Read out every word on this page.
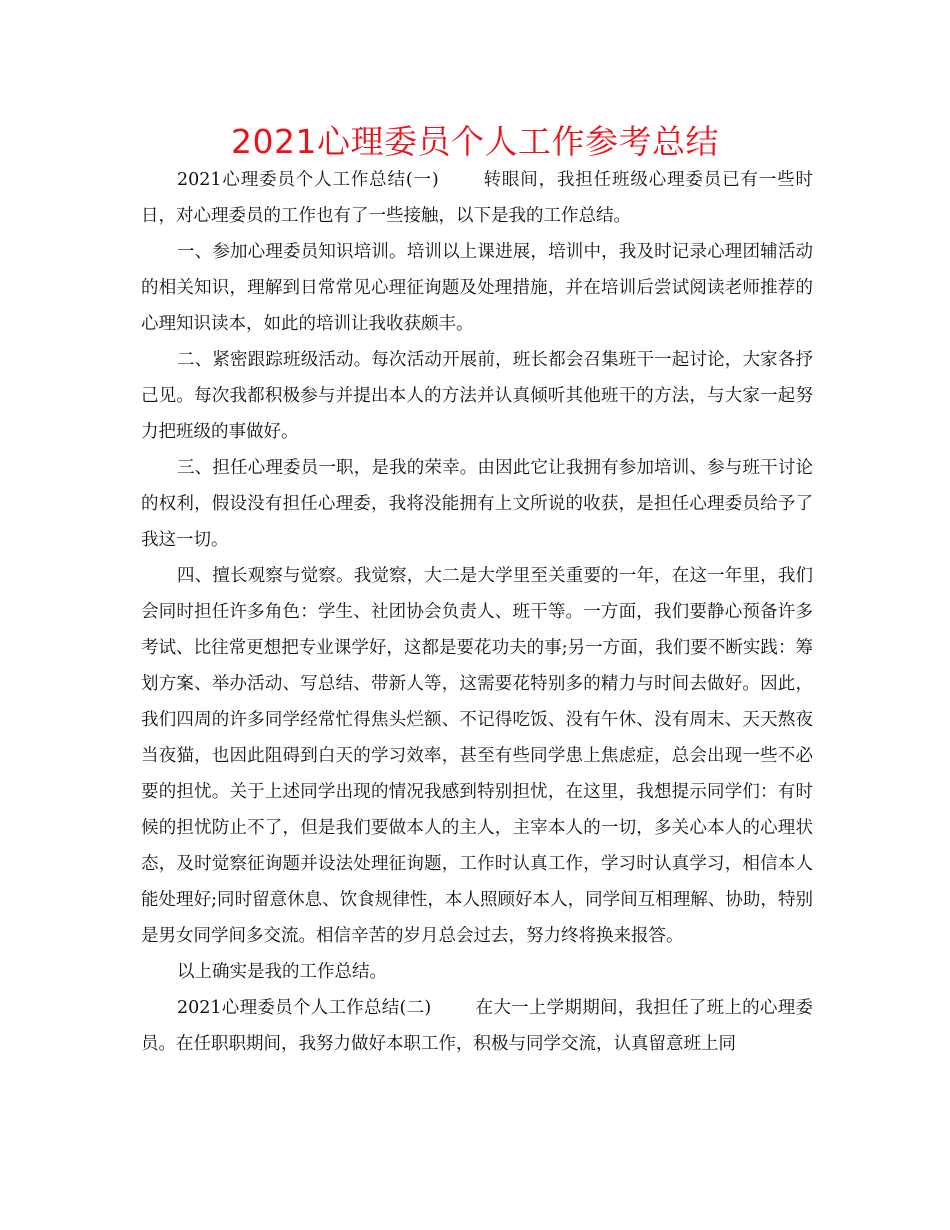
2021心理委员个人工作参考总结

2021心理委员个人工作总结(一)	转眼间，我担任班级心理委员已有一些时日，对心理委员的工作也有了一些接触，以下是我的工作总结。

一、参加心理委员知识培训。培训以上课进展，培训中，我及时记录心理团辅活动的相关知识，理解到日常常见心理征询题及处理措施，并在培训后尝试阅读老师推荐的心理知识读本，如此的培训让我收获颇丰。

二、紧密跟踪班级活动。每次活动开展前，班长都会召集班干一起讨论，大家各抒己见。每次我都积极参与并提出本人的方法并认真倾听其他班干的方法，与大家一起努力把班级的事做好。

三、担任心理委员一职，是我的荣幸。由因此它让我拥有参加培训、参与班干讨论的权利，假设没有担任心理委，我将没能拥有上文所说的收获，是担任心理委员给予了我这一切。

四、擅长观察与觉察。我觉察，大二是大学里至关重要的一年，在这一年里，我们会同时担任许多角色：学生、社团协会负责人、班干等。一方面，我们要静心预备许多考试、比往常更想把专业课学好，这都是要花功夫的事;另一方面，我们要不断实践：筹划方案、举办活动、写总结、带新人等，这需要花特别多的精力与时间去做好。因此，我们四周的许多同学经常忙得焦头烂额、不记得吃饭、没有午休、没有周末、天天熬夜当夜猫，也因此阻碍到白天的学习效率，甚至有些同学患上焦虑症，总会出现一些不必要的担忧。关于上述同学出现的情况我感到特别担忧，在这里，我想提示同学们：有时候的担忧防止不了，但是我们要做本人的主人，主宰本人的一切，多关心本人的心理状态，及时觉察征询题并设法处理征询题，工作时认真工作，学习时认真学习，相信本人能处理好;同时留意休息、饮食规律性，本人照顾好本人，同学间互相理解、协助，特别是男女同学间多交流。相信辛苦的岁月总会过去，努力终将换来报答。

以上确实是我的工作总结。

2021心理委员个人工作总结(二)	在大一上学期期间，我担任了班上的心理委员。在任职职期间，我努力做好本职工作，积极与同学交流，认真留意班上同
